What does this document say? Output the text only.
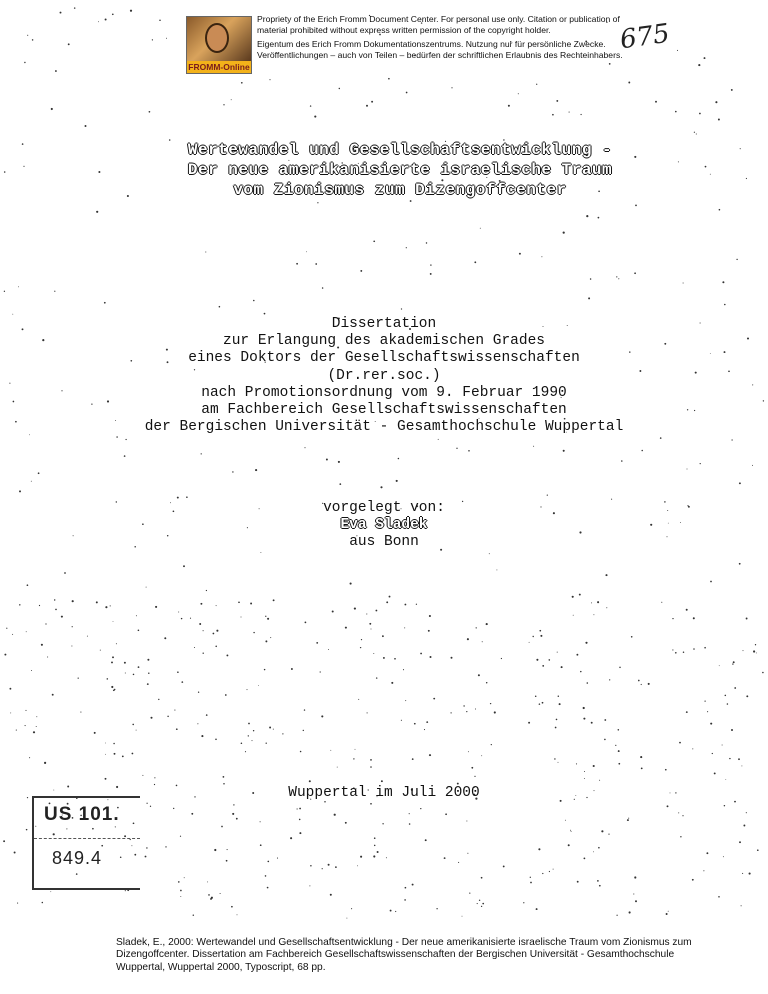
FROMM-Online

Propriety of the Erich Fromm Document Center. For personal use only. Citation or publication of material prohibited without express written permission of the copyright holder.

Eigentum des Erich Fromm Dokumentationszentrums. Nutzung nur für persönliche Zwecke. Veröffentlichungen – auch von Teilen – bedürfen der schriftlichen Erlaubnis des Rechteinhabers.

675
Wertewandel und Gesellschaftsentwicklung -
Der neue amerikanisierte israelische Traum
vom Zionismus zum Dizengoffcenter
Dissertation
zur Erlangung des akademischen Grades
eines Doktors der Gesellschaftswissenschaften
(Dr.rer.soc.)
nach Promotionsordnung vom 9. Februar 1990
am Fachbereich Gesellschaftswissenschaften
der Bergischen Universität - Gesamthochschule Wuppertal
vorgelegt von:
Eva Sladek
aus Bonn
Wuppertal im Juli 2000
US 101.
849.4
Sladek, E., 2000: Wertewandel und Gesellschaftsentwicklung - Der neue amerikanisierte israelische Traum vom Zionismus zum Dizengoffcenter. Dissertation am Fachbereich Gesellschaftswissenschaften der Bergischen Universität - Gesamthochschule Wuppertal, Wuppertal 2000, Typoscript, 68 pp.
